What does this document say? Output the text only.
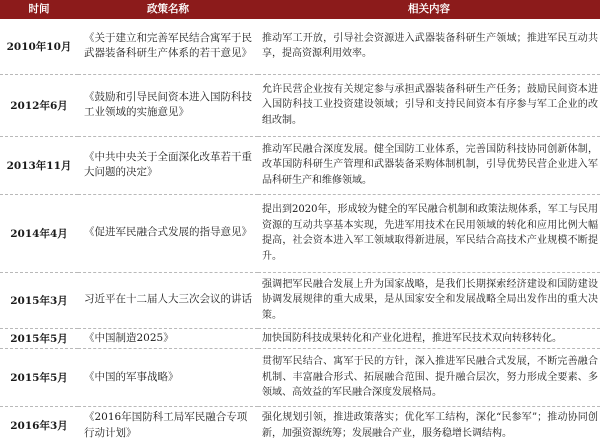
时间	政策名称	相关内容
2010年10月	《关于建立和完善军民结合寓军于民武器装备科研生产体系的若干意见》	推动军工开放，引导社会资源进入武器装备科研生产领域；推进军民互动共享，提高资源利用效率。

2012年6月	《鼓励和引导民间资本进入国防科技工业领域的实施意见》	允许民营企业按有关规定参与承担武器装备科研生产任务；鼓励民间资本进入国防科技工业投资建设领域；引导和支持民间资本有序参与军工企业的改组改制。

2013年11月	《中共中央关于全面深化改革若干重大问题的决定》	推动军民融合深度发展。健全国防工业体系，完善国防科技协同创新体制，改革国防科研生产管理和武器装备采购体制机制，引导优势民营企业进入军品科研生产和维修领域。

2014年4月	《促进军民融合式发展的指导意见》	提出到2020年，形成较为健全的军民融合机制和政策法规体系，军工与民用资源的互动共享基本实现，先进军用技术在民用领域的转化和应用比例大幅提高，社会资本进入军工领域取得新进展，军民结合高技术产业规模不断提升。

2015年3月	习近平在十二届人大三次会议的讲话	强调把军民融合发展上升为国家战略，是我们长期探索经济建设和国防建设协调发展规律的重大成果，是从国家安全和发展战略全局出发作出的重大决策。

2015年5月	《中国制造2025》	加快国防科技成果转化和产业化进程，推进军民技术双向转移转化。

2015年5月	《中国的军事战略》	贯彻军民结合、寓军于民的方针，深入推进军民融合式发展，不断完善融合机制、丰富融合形式、拓展融合范围、提升融合层次，努力形成全要素、多领域、高效益的军民融合深度发展格局。

2016年3月	《2016年国防科工局军民融合专项行动计划》	强化规划引领，推进政策落实；优化军工结构，深化“民参军”；推动协同创新，加强资源统筹；发展融合产业，服务稳增长调结构。
